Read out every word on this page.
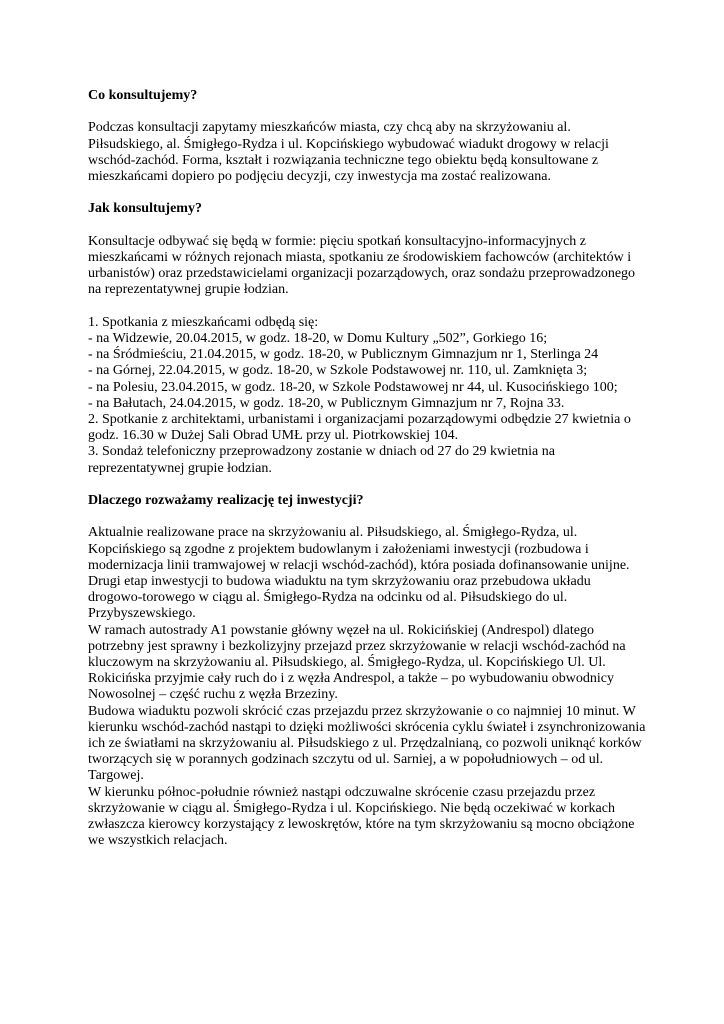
Co konsultujemy?

Podczas konsultacji zapytamy mieszkańców miasta, czy chcą aby na skrzyżowaniu al. Piłsudskiego, al. Śmigłego-Rydza i ul. Kopcińskiego wybudować wiadukt drogowy w relacji wschód-zachód. Forma, kształt i rozwiązania techniczne tego obiektu będą konsultowane z mieszkańcami dopiero po podjęciu decyzji, czy inwestycja ma zostać realizowana.

Jak konsultujemy?

Konsultacje odbywać się będą w formie: pięciu spotkań konsultacyjno-informacyjnych z mieszkańcami w różnych rejonach miasta, spotkaniu ze środowiskiem fachowców (architektów i urbanistów) oraz przedstawicielami organizacji pozarządowych, oraz sondażu przeprowadzonego na reprezentatywnej grupie łodzian.

1. Spotkania z mieszkańcami odbędą się:

- na Widzewie, 20.04.2015, w godz. 18-20, w Domu Kultury „502”, Gorkiego 16;

- na Śródmieściu, 21.04.2015, w godz. 18-20, w Publicznym Gimnazjum nr 1, Sterlinga 24

- na Górnej, 22.04.2015, w godz. 18-20, w Szkole Podstawowej nr. 110, ul. Zamknięta 3;

- na Polesiu, 23.04.2015, w godz. 18-20, w Szkole Podstawowej nr 44, ul. Kusocińskiego 100;

- na Bałutach, 24.04.2015, w godz. 18-20, w Publicznym Gimnazjum nr 7, Rojna 33.

2. Spotkanie z architektami, urbanistami i organizacjami pozarządowymi odbędzie 27 kwietnia o godz. 16.30 w Dużej Sali Obrad UMŁ przy ul. Piotrkowskiej 104.

3. Sondaż telefoniczny przeprowadzony zostanie w dniach od 27 do 29 kwietnia na reprezentatywnej grupie łodzian.

Dlaczego rozważamy realizację tej inwestycji?

Aktualnie realizowane prace na skrzyżowaniu al. Piłsudskiego, al. Śmigłego-Rydza, ul. Kopcińskiego są zgodne z projektem budowlanym i założeniami inwestycji (rozbudowa i modernizacja linii tramwajowej w relacji wschód-zachód), która posiada dofinansowanie unijne.

Drugi etap inwestycji to budowa wiaduktu na tym skrzyżowaniu oraz przebudowa układu drogowo-torowego w ciągu al. Śmigłego-Rydza na odcinku od al. Piłsudskiego do ul. Przybyszewskiego.

W ramach autostrady A1 powstanie główny węzeł na ul. Rokicińskiej (Andrespol) dlatego potrzebny jest sprawny i bezkolizyjny przejazd przez skrzyżowanie w relacji wschód-zachód na kluczowym na skrzyżowaniu al. Piłsudskiego, al. Śmigłego-Rydza, ul. Kopcińskiego Ul. Ul. Rokicińska przyjmie cały ruch do i z węzła Andrespol, a także – po wybudowaniu obwodnicy Nowosolnej – część ruchu z węzła Brzeziny.

Budowa wiaduktu pozwoli skrócić czas przejazdu przez skrzyżowanie o co najmniej 10 minut. W kierunku wschód-zachód nastąpi to dzięki możliwości skrócenia cyklu świateł i zsynchronizowania ich ze światłami na skrzyżowaniu al. Piłsudskiego z ul. Przędzalnianą, co pozwoli uniknąć korków tworzących się w porannych godzinach szczytu od ul. Sarniej, a w popołudniowych – od ul. Targowej.

W kierunku północ-południe również nastąpi odczuwalne skrócenie czasu przejazdu przez skrzyżowanie w ciągu al. Śmigłego-Rydza i ul. Kopcińskiego. Nie będą oczekiwać w korkach zwłaszcza kierowcy korzystający z lewoskrętów, które na tym skrzyżowaniu są mocno obciążone we wszystkich relacjach.
